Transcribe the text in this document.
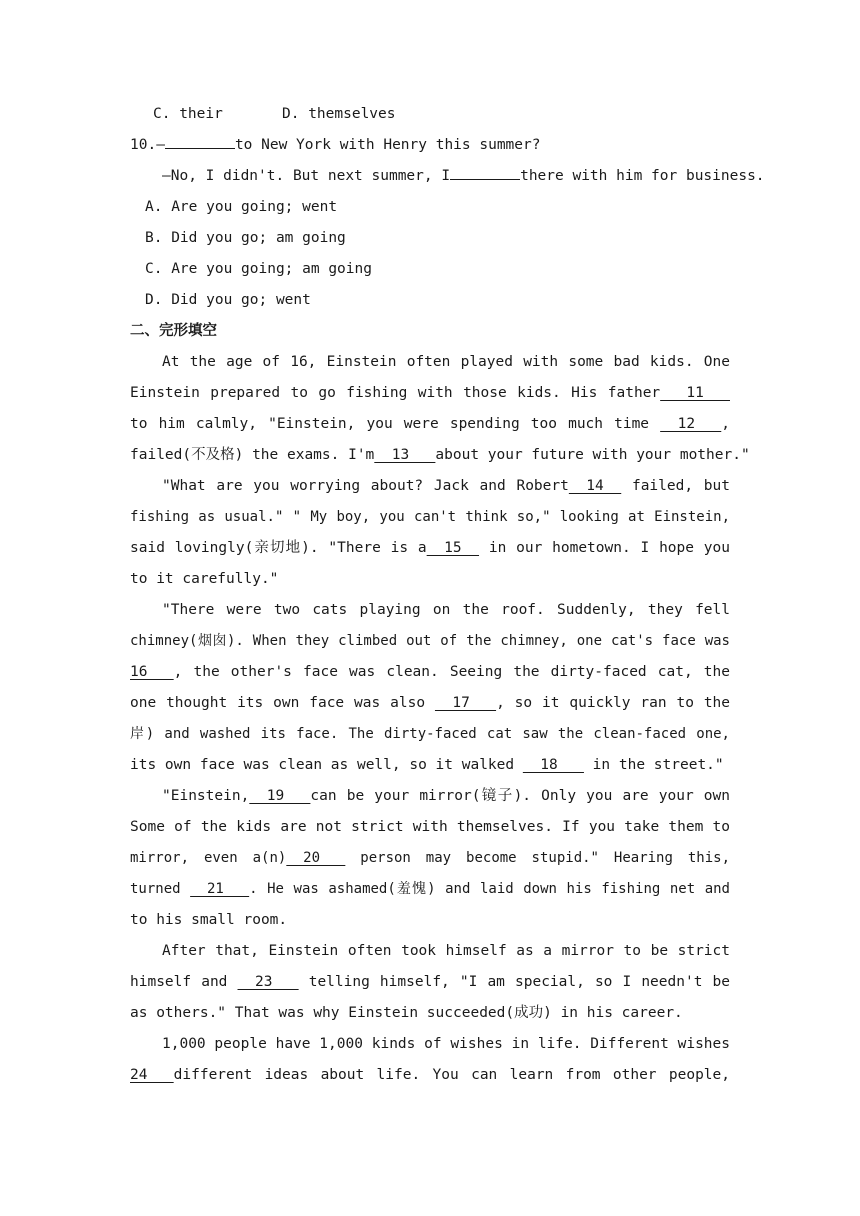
C. their	D. themselves
10.—	to New York with Henry this summer?
—No, I didn't. But next summer, I	there with him for business.
A. Are you going; went
B. Did you go; am going
C. Are you going; am going
D. Did you go; went
二、完形填空
At the age of 16, Einstein often played with some bad kids. One
Einstein prepared to go fishing with those kids. His father   11
to him calmly, "Einstein, you were spending too much time   12   ,
failed(不及格) the exams. I'm  13   about your future with your mother."
"What are you worrying about? Jack and Robert  14   failed, but
fishing as usual." " My boy, you can't think so," looking at Einstein,
said lovingly(亲切地). "There is a  15   in our hometown. I hope you
to it carefully."
"There were two cats playing on the roof. Suddenly, they fell
chimney(烟囱). When they climbed out of the chimney, one cat's face was
16   , the other's face was clean. Seeing the dirty-faced cat, the
one thought its own face was also   17   , so it quickly ran to the
岸) and washed its face. The dirty-faced cat saw the clean-faced one,
its own face was clean as well, so it walked   18    in the street."
"Einstein,  19   can be your mirror(镜子). Only you are your own
Some of the kids are not strict with themselves. If you take them to
mirror, even a(n)  20    person may become stupid." Hearing this,
turned   21   . He was ashamed(羞愧) and laid down his fishing net and
to his small room.
After that, Einstein often took himself as a mirror to be strict
himself and   23    telling himself, "I am special, so I needn't be
as others." That was why Einstein succeeded(成功) in his career.
1,000 people have 1,000 kinds of wishes in life. Different wishes
24   different ideas about life. You can learn from other people,
